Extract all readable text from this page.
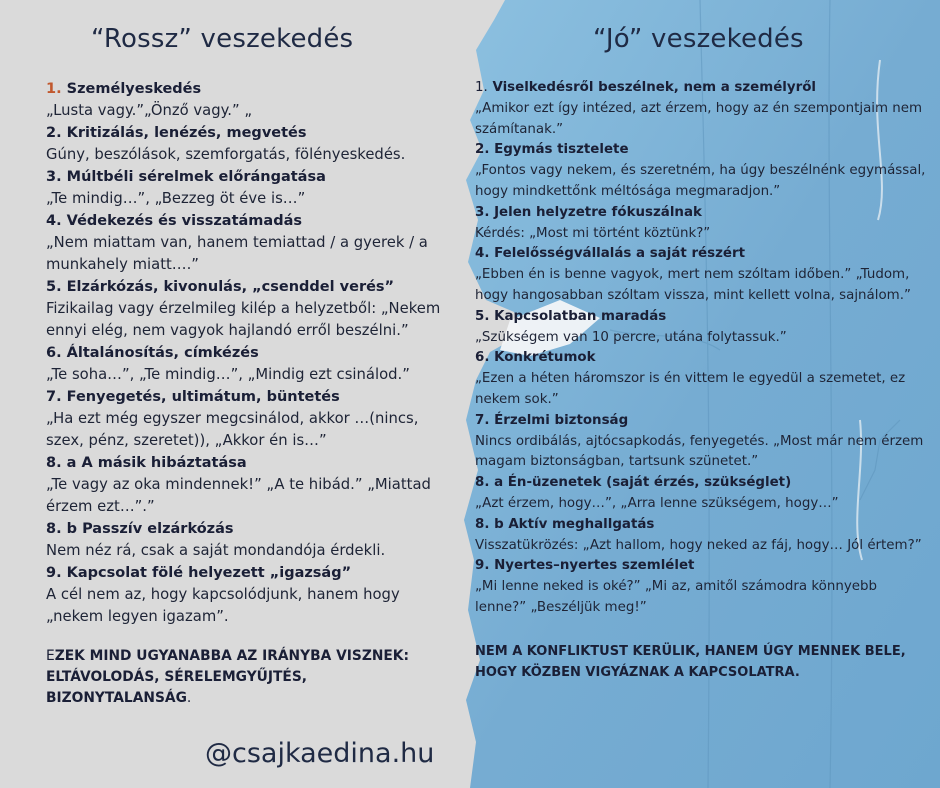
“Rossz” veszekedés	“Jó” veszekedés
1. Személyeskedés
„Lusta vagy.”„Önző vagy.” „
2. Kritizálás, lenézés, megvetés
Gúny, beszólások, szemforgatás, fölényeskedés.
3. Múltbéli sérelmek előrángatása
„Te mindig…”, „Bezzeg öt éve is…”
4. Védekezés és visszatámadás
„Nem miattam van, hanem temiattad / a gyerek / a munkahely miatt….”
5. Elzárkózás, kivonulás, „csenddel verés”
Fizikailag vagy érzelmileg kilép a helyzetből: „Nekem ennyi elég, nem vagyok hajlandó erről beszélni.”
6. Általánosítás, címkézés
„Te soha…”, „Te mindig…”, „Mindig ezt csinálod.”
7. Fenyegetés, ultimátum, büntetés
„Ha ezt még egyszer megcsinálod, akkor …(nincs, szex, pénz, szeretet)), „Akkor én is…”
8. a A másik hibáztatása
„Te vagy az oka mindennek!” „A te hibád.” „Miattad érzem ezt…”.”
8. b Passzív elzárkózás
Nem néz rá, csak a saját mondandója érdekli.
9. Kapcsolat fölé helyezett „igazság”
A cél nem az, hogy kapcsolódjunk, hanem hogy „nekem legyen igazam”.
EZEK MIND UGYANABBA AZ IRÁNYBA VISZNEK: ELTÁVOLODÁS, SÉRELEMGYŰJTÉS, BIZONYTALANSÁG.
1. Viselkedésről beszélnek, nem a személyről
„Amikor ezt így intézed, azt érzem, hogy az én szempontjaim nem számítanak.”
2. Egymás tisztelete
„Fontos vagy nekem, és szeretném, ha úgy beszélnénk egymással, hogy mindkettőnk méltósága megmaradjon.”
3. Jelen helyzetre fókuszálnak
Kérdés: „Most mi történt köztünk?”
4. Felelősségvállalás a saját részért
„Ebben én is benne vagyok, mert nem szóltam időben.” „Tudom, hogy hangosabban szóltam vissza, mint kellett volna, sajnálom.”
5. Kapcsolatban maradás
„Szükségem van 10 percre, utána folytassuk.”
6. Konkrétumok
„Ezen a héten háromszor is én vittem le egyedül a szemetet, ez nekem sok.”
7. Érzelmi biztonság
Nincs ordibálás, ajtócsapkodás, fenyegetés. „Most már nem érzem magam biztonságban, tartsunk szünetet.”
8. a Én-üzenetek (saját érzés, szükséglet)
„Azt érzem, hogy…”, „Arra lenne szükségem, hogy…”
8. b Aktív meghallgatás
Visszatükrözés: „Azt hallom, hogy neked az fáj, hogy… Jól értem?”
9. Nyertes–nyertes szemlélet
„Mi lenne neked is oké?” „Mi az, amitől számodra könnyebb lenne?” „Beszéljük meg!”
NEM A KONFLIKTUST KERÜLIK, HANEM ÚGY MENNEK BELE, HOGY KÖZBEN VIGYÁZNAK A KAPCSOLATRA.
@csajkaedina.hu
